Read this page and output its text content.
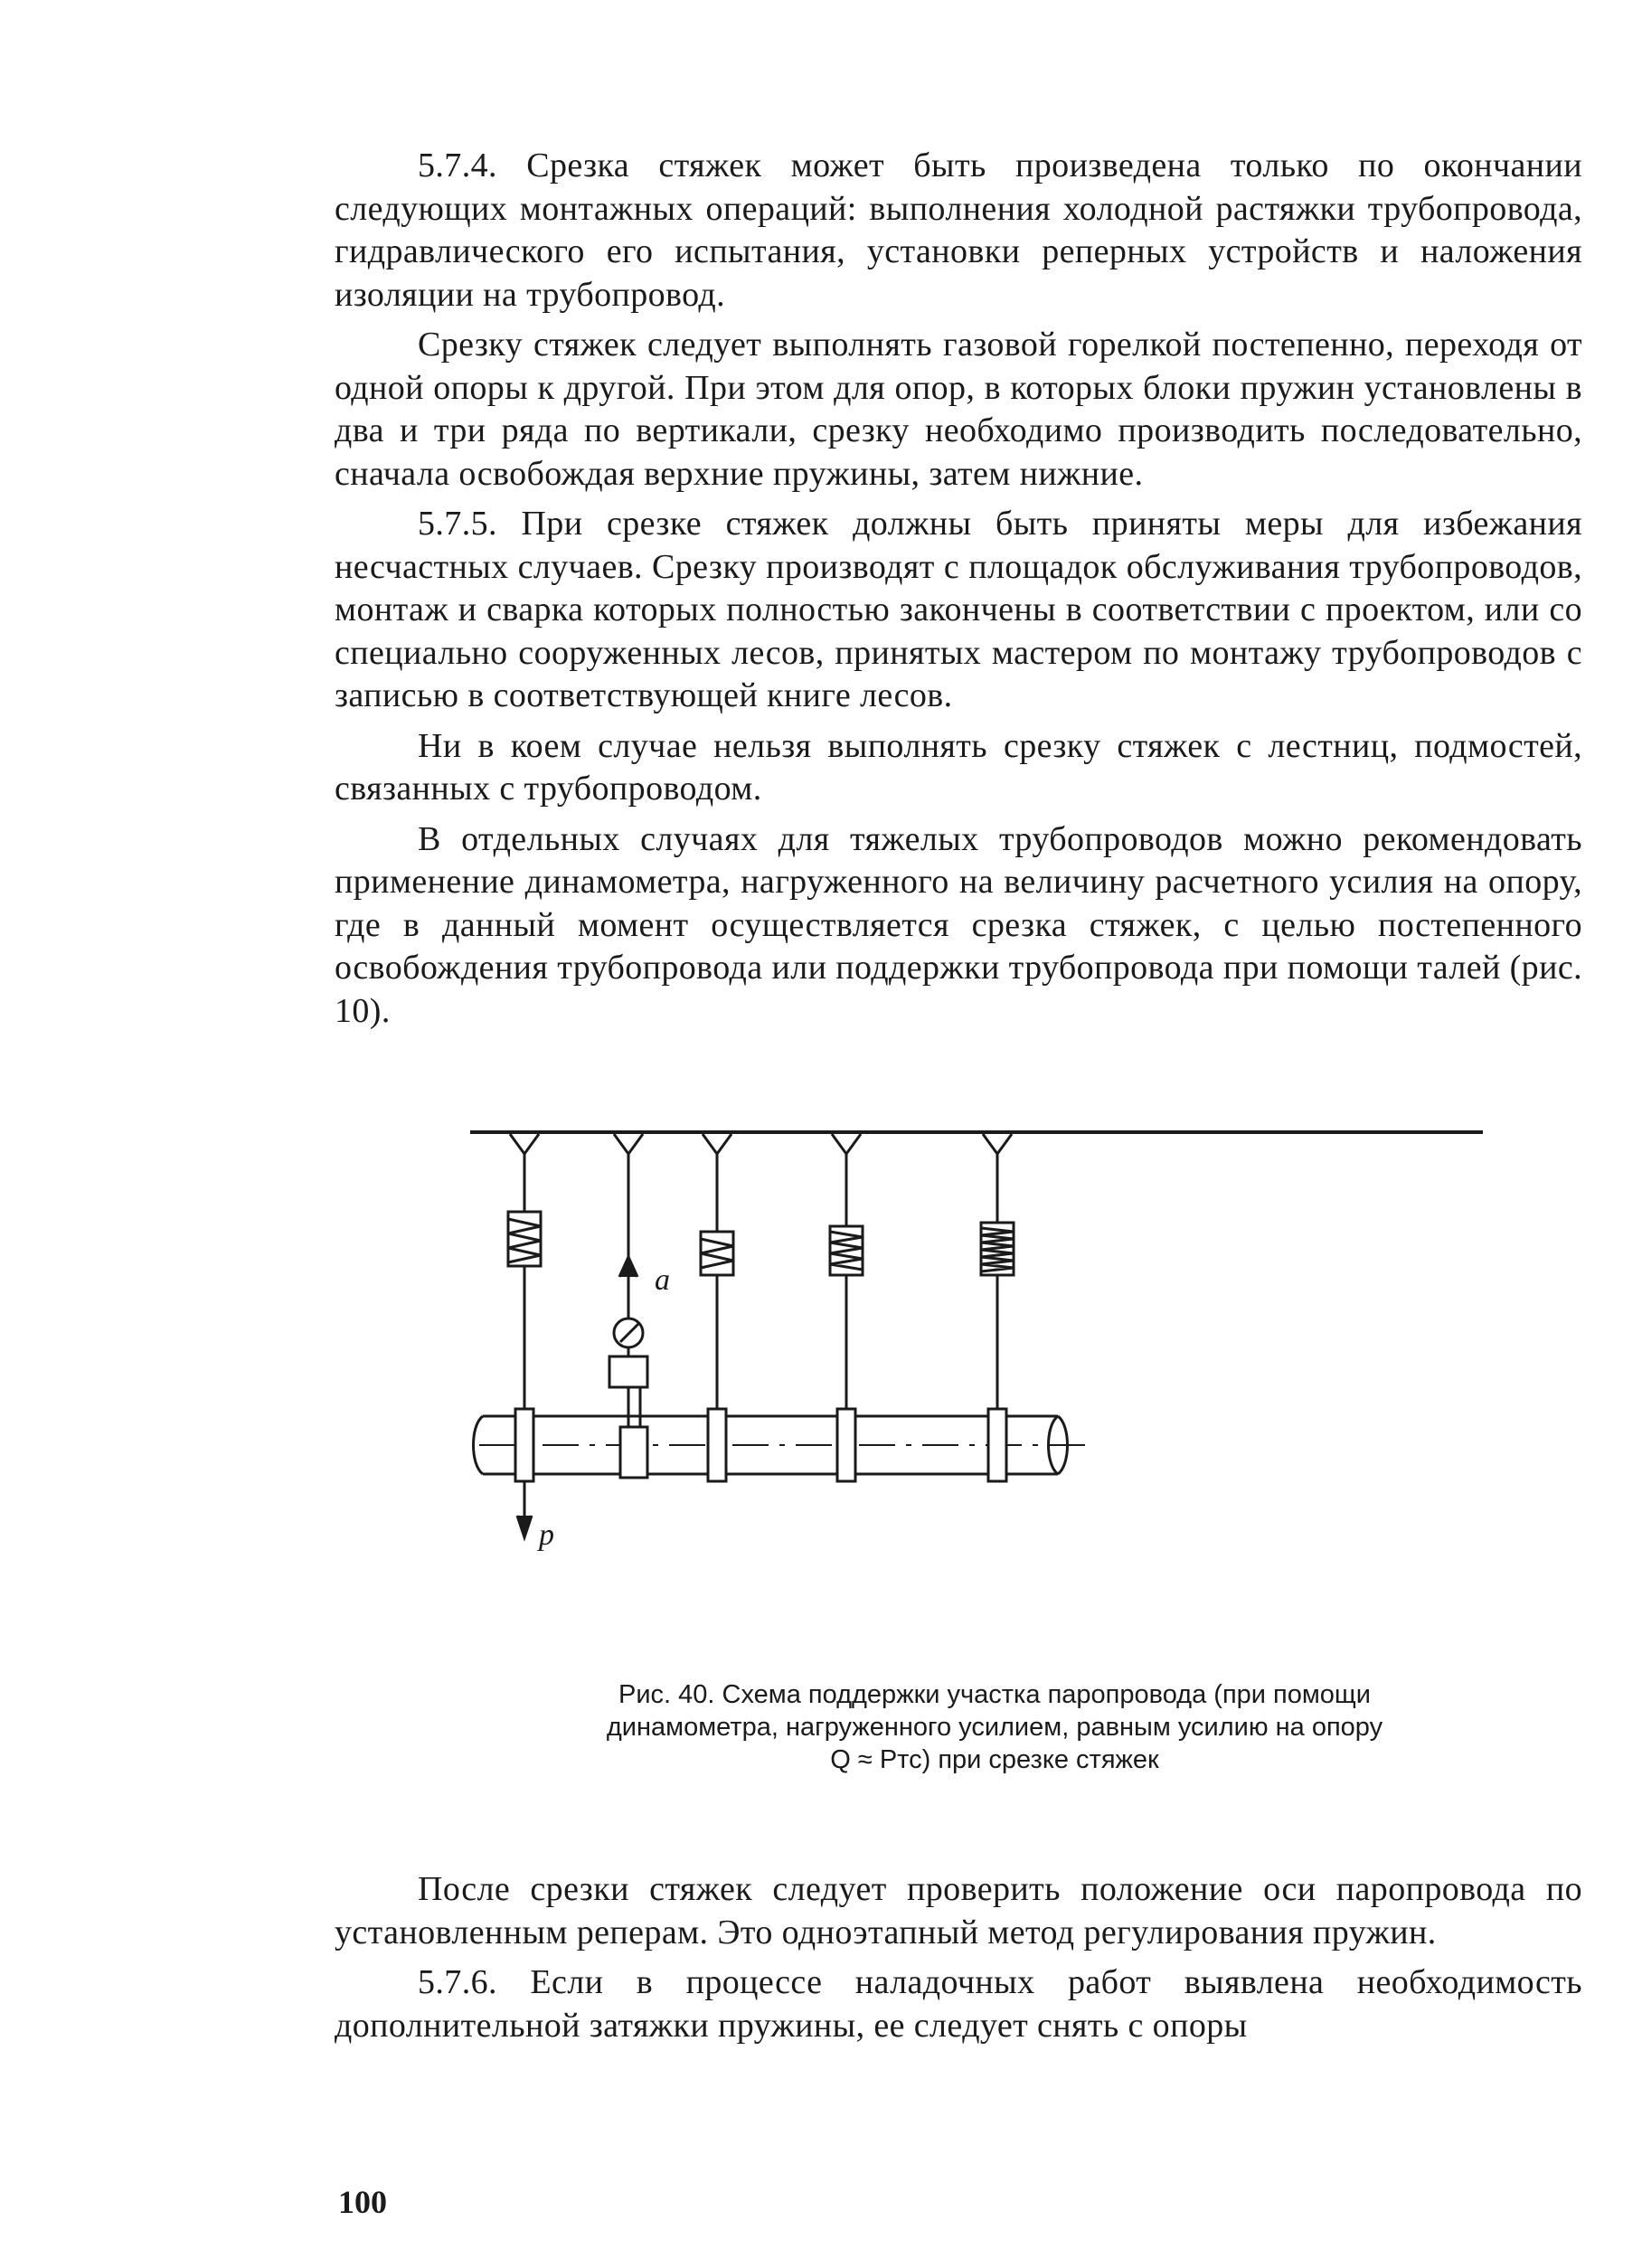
5.7.4. Срезка стяжек может быть произведена только по окончании следующих монтажных операций: выполнения холодной растяжки трубопровода, гидравлического его испытания, установки реперных устройств и наложения изоляции на трубопровод.

Срезку стяжек следует выполнять газовой горелкой постепенно, переходя от одной опоры к другой. При этом для опор, в которых блоки пружин установлены в два и три ряда по вертикали, срезку необходимо производить последовательно, сначала освобождая верхние пружины, затем нижние.

5.7.5. При срезке стяжек должны быть приняты меры для избежания несчастных случаев. Срезку производят с площадок обслуживания трубопроводов, монтаж и сварка которых полностью закончены в соответствии с проектом, или со специально сооруженных лесов, принятых мастером по монтажу трубопроводов с записью в соответствующей книге лесов.

Ни в коем случае нельзя выполнять срезку стяжек с лестниц, подмостей, связанных с трубопроводом.

В отдельных случаях для тяжелых трубопроводов можно рекомендовать применение динамометра, нагруженного на величину расчетного усилия на опору, где в данный момент осуществляется срезка стяжек, с целью постепенного освобождения трубопровода или поддержки трубопровода при помощи талей (рис. 10).

a
p
Рис. 40. Схема поддержки участка паропровода (при помощи
динамометра, нагруженного усилием, равным усилию на опору
Q ≈ Pтс) при срезке стяжек

После срезки стяжек следует проверить положение оси паропровода по установленным реперам. Это одноэтапный метод регулирования пружин.

5.7.6. Если в процессе наладочных работ выявлена необходимость дополнительной затяжки пружины, ее следует снять с опоры

100
